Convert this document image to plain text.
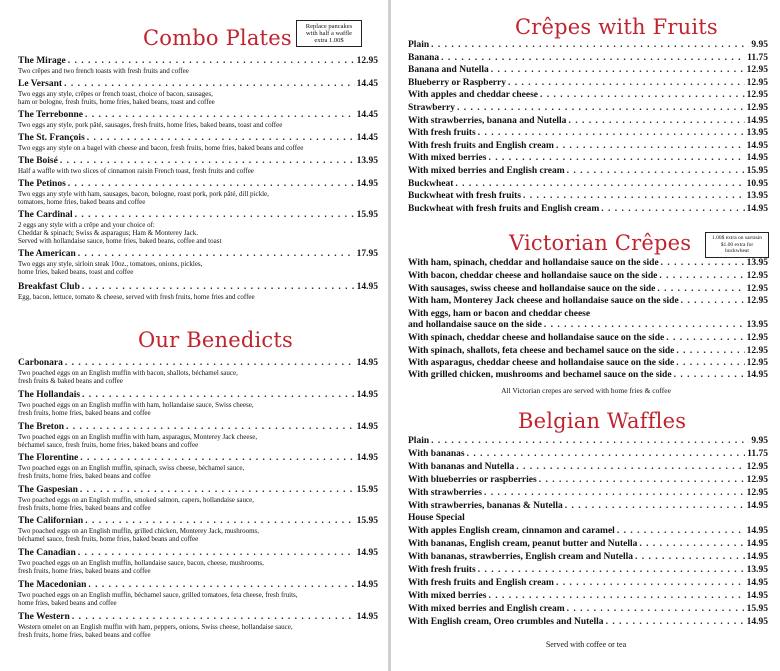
Combo Plates	Replace pancakes
with half a waffle
extra 1.00$
The Mirage . . .	12.95
Two crêpes and two french toasts with fresh fruits and coffee
Le Versant . . .	14.45
Two eggs any style, crêpes or french toast, choice of bacon, sausages,
ham or bologne, fresh fruits, home fries, baked beans, toast and coffee
The Terrebonne . . .	14.45
Two eggs any style, pork pâté, sausages, fresh fruits, home fries, baked beans, toast and coffee
The St. François . . .	14.45
Two eggs any style on a bagel with cheese and bacon, fresh fruits, home fries, baked beans and coffee
The Boisé . . .	13.95
Half a waffle with two slices of cinnamon raisin French toast, fresh fruits and coffee
The Petinos . . .	14.95
Two eggs any style with ham, sausages, bacon, bologne, roast pork, pork pâté, dill pickle,
tomatoes, home fries, baked beans and coffee
The Cardinal . . .	15.95
2 eggs any style with a crêpe and your choice of:
Cheddar & spinach; Swiss & asparagus; Ham & Monterey Jack.
Served with hollandaise sauce, home fries, baked beans, coffee and toast
The American . . .	17.95
Two eggs any style, sirloin steak 10oz., tomatoes, onions, pickles,
home fries, baked beans, toast and coffee
Breakfast Club . . .	14.95
Egg, bacon, lettuce, tomato & cheese, served with fresh fruits, home fries and coffee
Our Benedicts
Carbonara . . .	14.95
Two poached eggs on an English muffin with bacon, shallots, béchamel sauce,
fresh fruits & baked beans and coffee
The Hollandais . . .	14.95
Two poached eggs on an English muffin with ham, hollandaise sauce, Swiss cheese,
fresh fruits, home fries, baked beans and coffee
The Breton . . .	14.95
Two poached eggs on an English muffin with ham, asparagus, Monterey Jack cheese,
béchamel sauce, fresh fruits, home fries, baked beans and coffee
The Florentine . . .	14.95
Two poached eggs on an English muffin, spinach, swiss cheese, béchamel sauce,
fresh fruits, home fries, baked beans and coffee
The Gaspesian . . .	15.95
Two poached eggs on an English muffin, smoked salmon, capers, hollandaise sauce,
fresh fruits, home fries, baked beans and coffee
The Californian . . .	15.95
Two poached eggs on an English muffin, grilled chicken, Monterey Jack, mushrooms,
béchamel sauce, fresh fruits, home fries, baked beans and coffee
The Canadian . . .	14.95
Two poached eggs on an English muffin, hollandaise sauce, bacon, cheese, mushrooms,
fresh fruits, home fries, baked beans and coffee
The Macedonian . . .	14.95
Two poached eggs on an English muffin, béchamel sauce, grilled tomatoes, feta cheese, fresh fruits,
home fries, baked beans and coffee
The Western . . .	14.95
Western omelet on an English muffin with ham, peppers, onions, Swiss cheese, hollandaise sauce,
fresh fruits, home fries, baked beans and coffee
Crêpes with Fruits
Plain . . .	9.95
Banana . . .	11.75
Banana and Nutella . . .	12.95
Blueberry or Raspberry . . .	12.95
With apples and cheddar cheese . . .	12.95
Strawberry . . .	12.95
With strawberries, banana and Nutella . . .	14.95
With fresh fruits . . .	13.95
With fresh fruits and English cream . . .	14.95
With mixed berries . . .	14.95
With mixed berries and English cream . . .	15.95
Buckwheat . . .	10.95
Buckwheat with fresh fruits . . .	13.95
Buckwheat with fresh fruits and English cream . . .	14.95
Victorian Crêpes	1.00$ extra on sarrasin
$1.00 extra for buckwheat
With ham, spinach, cheddar and hollandaise sauce on the side . . .	13.95
With bacon, cheddar cheese and hollandaise sauce on the side . . .	12.95
With sausages, swiss cheese and hollandaise sauce on the side . . .	12.95
With ham, Monterey Jack cheese and hollandaise sauce on the side . . .	12.95
With eggs, ham or bacon and cheddar cheese
and hollandaise sauce on the side . . .	13.95
With spinach, cheddar cheese and hollandaise sauce on the side . . .	12.95
With spinach, shallots, feta cheese and bechamel sauce on the side . . .	12.95
With asparagus, cheddar cheese and hollandaise sauce on the side . . .	12.95
With grilled chicken, mushrooms and bechamel sauce on the side . . .	14.95
All Victorian crepes are served with home fries & coffee
Belgian Waffles
Plain . . .	9.95
With bananas . . .	11.75
With bananas and Nutella . . .	12.95
With blueberries or raspberries . . .	12.95
With strawberries . . .	12.95
With strawberries, bananas & Nutella . . .	14.95
House Special
With apples English cream, cinnamon and caramel . . .	14.95
With bananas, English cream, peanut butter and Nutella . . .	14.95
With bananas, strawberries, English cream and Nutella . . .	14.95
With fresh fruits . . .	13.95
With fresh fruits and English cream . . .	14.95
With mixed berries . . .	14.95
With mixed berries and English cream . . .	15.95
With English cream, Oreo crumbles and Nutella . . .	14.95
Served with coffee or tea
